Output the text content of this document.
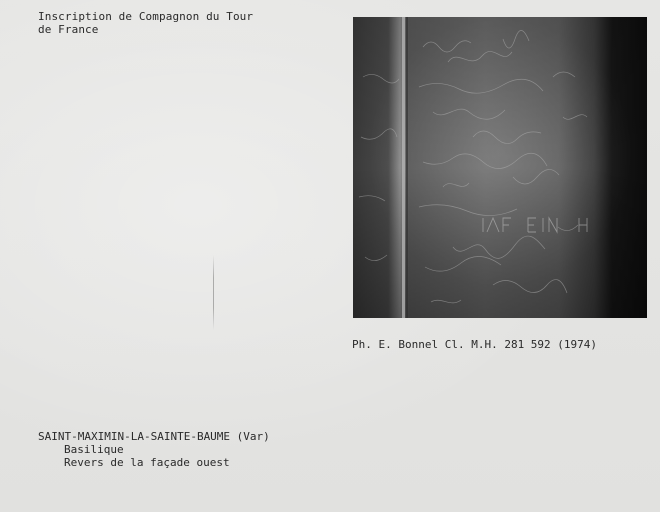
Inscription de Compagnon du Tour
de France
Ph. E. Bonnel Cl. M.H. 281 592 (1974)
SAINT-MAXIMIN-LA-SAINTE-BAUME (Var)
Basilique
Revers de la façade ouest
